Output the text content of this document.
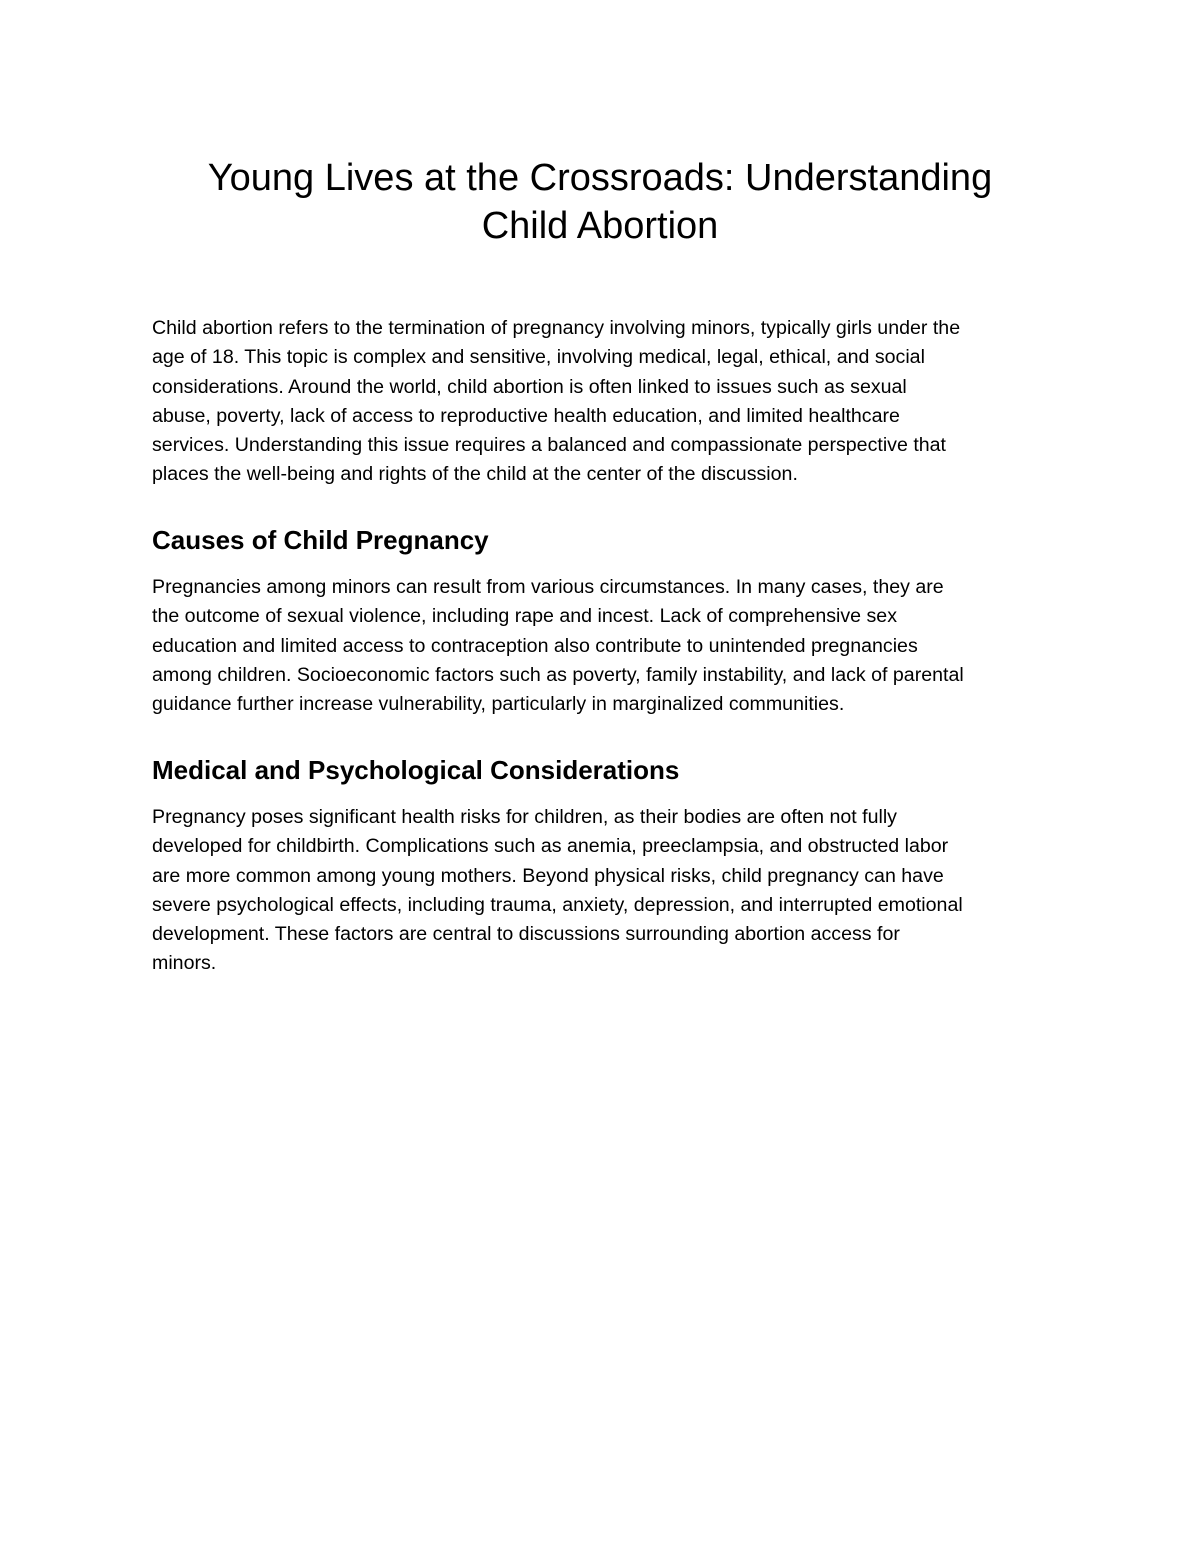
Young Lives at the Crossroads: Understanding
Child Abortion

Child abortion refers to the termination of pregnancy involving minors, typically girls under the
age of 18. This topic is complex and sensitive, involving medical, legal, ethical, and social
considerations. Around the world, child abortion is often linked to issues such as sexual
abuse, poverty, lack of access to reproductive health education, and limited healthcare
services. Understanding this issue requires a balanced and compassionate perspective that
places the well-being and rights of the child at the center of the discussion.

Causes of Child Pregnancy

Pregnancies among minors can result from various circumstances. In many cases, they are
the outcome of sexual violence, including rape and incest. Lack of comprehensive sex
education and limited access to contraception also contribute to unintended pregnancies
among children. Socioeconomic factors such as poverty, family instability, and lack of parental
guidance further increase vulnerability, particularly in marginalized communities.

Medical and Psychological Considerations

Pregnancy poses significant health risks for children, as their bodies are often not fully
developed for childbirth. Complications such as anemia, preeclampsia, and obstructed labor
are more common among young mothers. Beyond physical risks, child pregnancy can have
severe psychological effects, including trauma, anxiety, depression, and interrupted emotional
development. These factors are central to discussions surrounding abortion access for
minors.
